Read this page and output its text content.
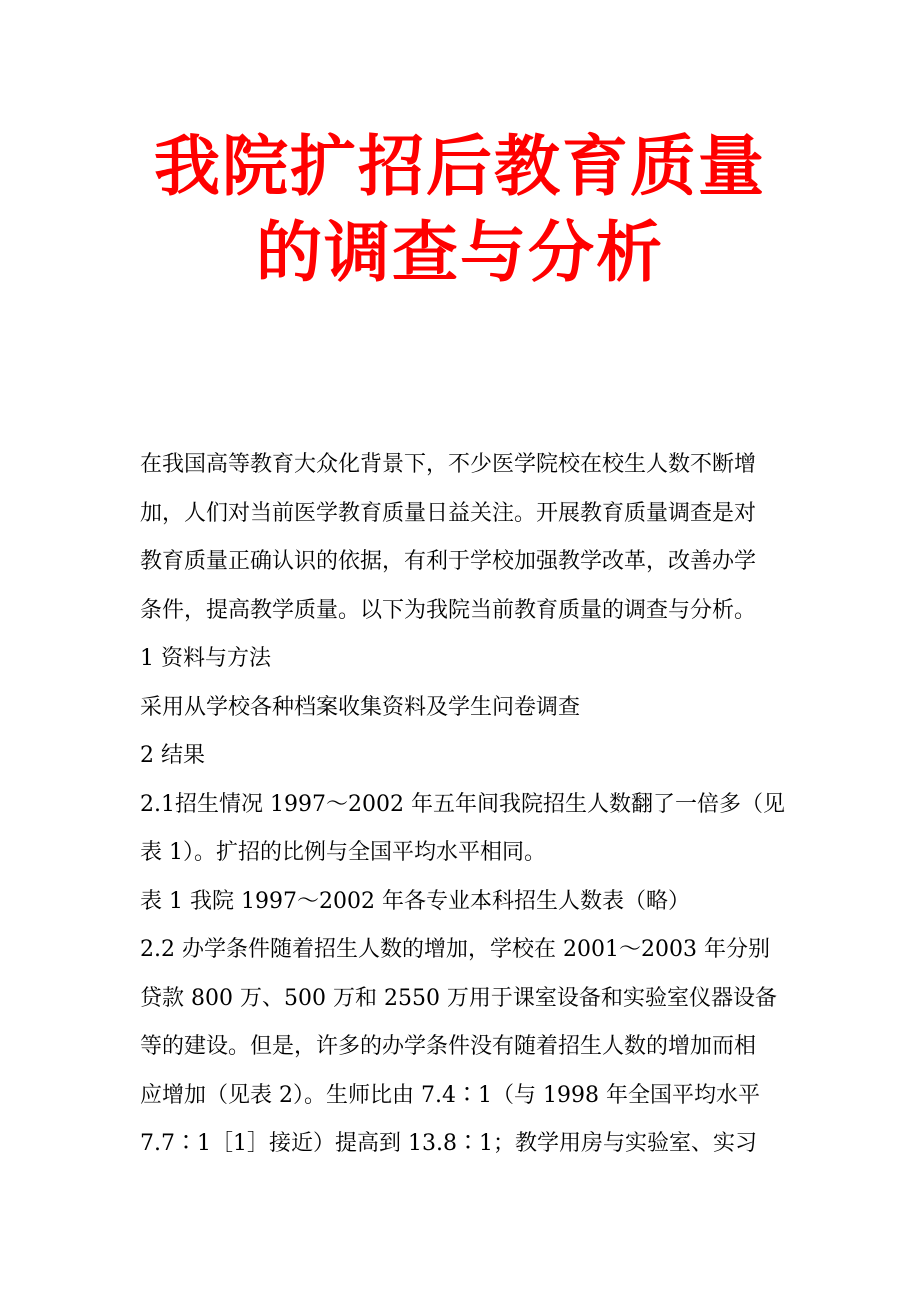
我院扩招后教育质量
的调查与分析
在我国高等教育大众化背景下，不少医学院校在校生人数不断增
加，人们对当前医学教育质量日益关注。开展教育质量调查是对
教育质量正确认识的依据，有利于学校加强教学改革，改善办学
条件，提高教学质量。以下为我院当前教育质量的调查与分析。
1 资料与方法
采用从学校各种档案收集资料及学生问卷调查
2 结果
2.1招生情况 1997～2002 年五年间我院招生人数翻了一倍多（见
表 1）。扩招的比例与全国平均水平相同。
表 1 我院 1997～2002 年各专业本科招生人数表（略）
2.2 办学条件随着招生人数的增加，学校在 2001～2003 年分别
贷款 800 万、500 万和 2550 万用于课室设备和实验室仪器设备
等的建设。但是，许多的办学条件没有随着招生人数的增加而相
应增加（见表 2）。生师比由 7.4∶1（与 1998 年全国平均水平
7.7∶1［1］接近）提高到 13.8∶1；教学用房与实验室、实习
